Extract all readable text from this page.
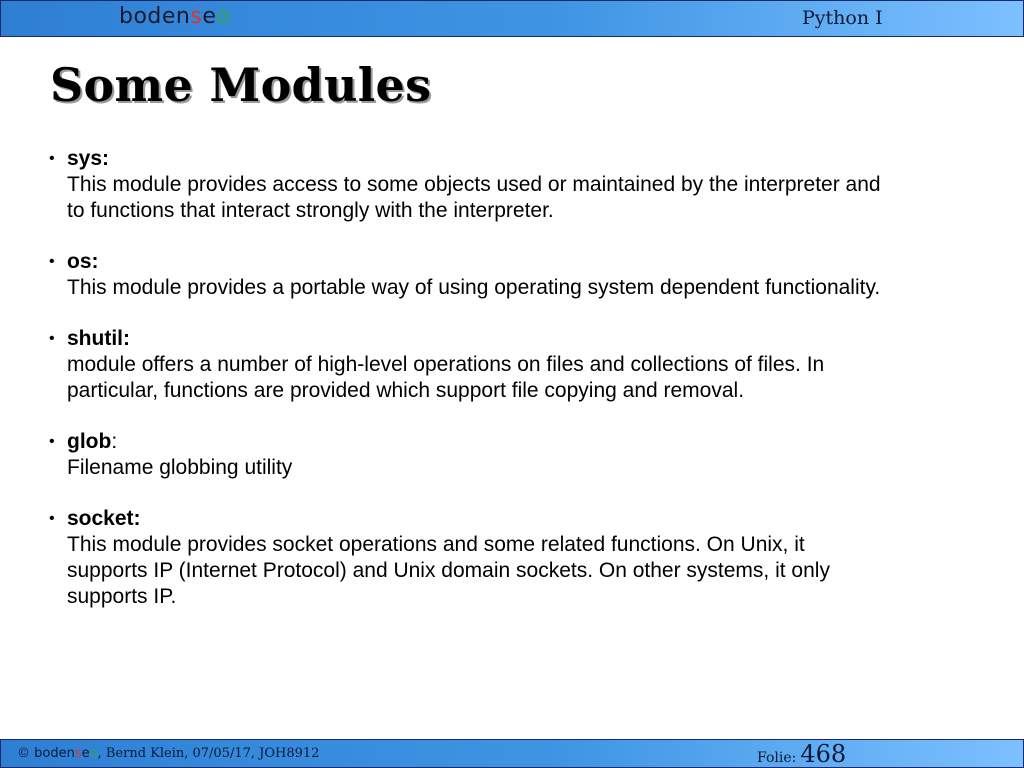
bodenseo	Python I
Some Modules
• sys:
This module provides access to some objects used or maintained by the interpreter and
to functions that interact strongly with the interpreter.
• os:
This module provides a portable way of using operating system dependent functionality.
• shutil:
module offers a number of high-level operations on files and collections of files. In
particular, functions are provided which support file copying and removal.
• glob:
Filename globbing utility
• socket:
This module provides socket operations and some related functions. On Unix, it
supports IP (Internet Protocol) and Unix domain sockets. On other systems, it only
supports IP.
© bodenseo, Bernd Klein, 07/05/17, JOH8912	Folie: 468
